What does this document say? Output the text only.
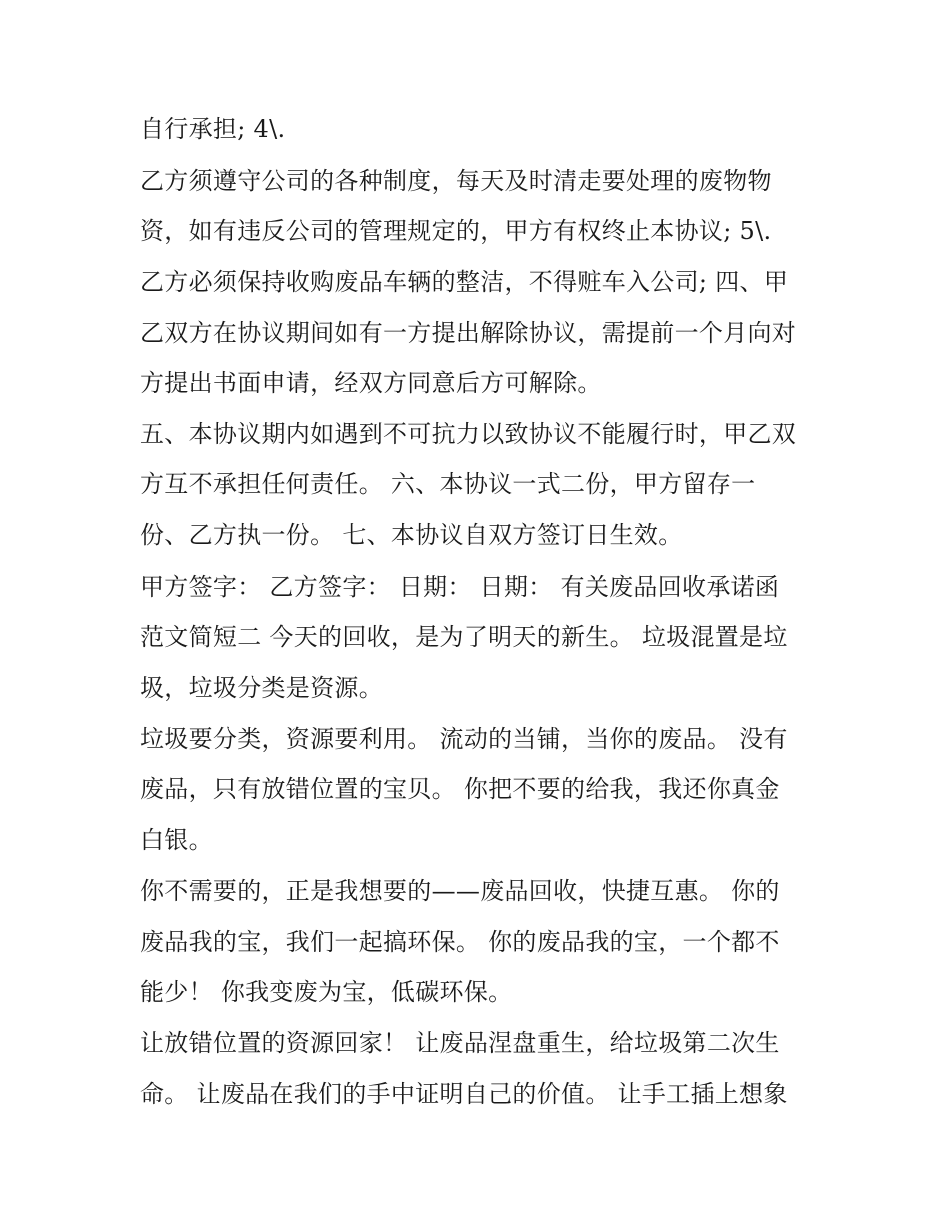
自行承担; 4\.
乙方须遵守公司的各种制度，每天及时清走要处理的废物物
资，如有违反公司的管理规定的，甲方有权终止本协议; 5\.
乙方必须保持收购废品车辆的整洁，不得赃车入公司; 四、甲
乙双方在协议期间如有一方提出解除协议，需提前一个月向对
方提出书面申请，经双方同意后方可解除。
五、本协议期内如遇到不可抗力以致协议不能履行时，甲乙双
方互不承担任何责任。 六、本协议一式二份，甲方留存一
份、乙方执一份。 七、本协议自双方签订日生效。
甲方签字： 乙方签字： 日期： 日期： 有关废品回收承诺函
范文简短二 今天的回收，是为了明天的新生。 垃圾混置是垃
圾，垃圾分类是资源。
垃圾要分类，资源要利用。 流动的当铺，当你的废品。 没有
废品，只有放错位置的宝贝。 你把不要的给我，我还你真金
白银。
你不需要的，正是我想要的——废品回收，快捷互惠。 你的
废品我的宝，我们一起搞环保。 你的废品我的宝，一个都不
能少！ 你我变废为宝，低碳环保。
让放错位置的资源回家！ 让废品涅盘重生，给垃圾第二次生
命。 让废品在我们的手中证明自己的价值。 让手工插上想象
